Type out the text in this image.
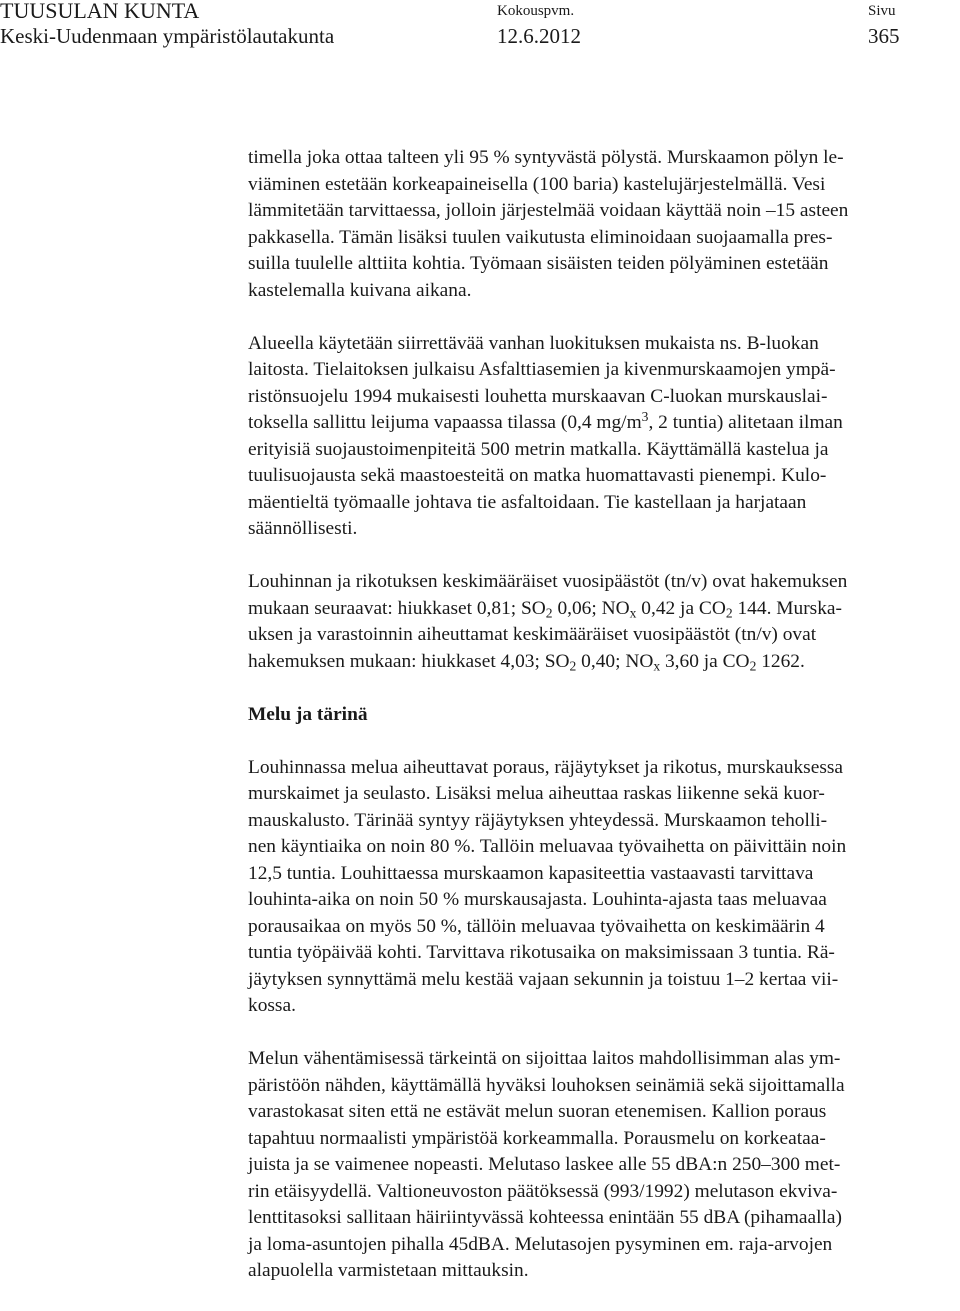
TUUSULAN KUNTA
Keski-Uudenmaan ympäristölautakunta
Kokouspvm.
12.6.2012
Sivu
365
timella joka ottaa talteen yli 95 % syntyvästä pölystä. Murskaamon pölyn le-
viäminen estetään korkeapaineisella (100 baria) kastelujärjestelmällä. Vesi
lämmitetään tarvittaessa, jolloin järjestelmää voidaan käyttää noin –15 asteen
pakkasella. Tämän lisäksi tuulen vaikutusta eliminoidaan suojaamalla pres-
suilla tuulelle alttiita kohtia. Työmaan sisäisten teiden pölyäminen estetään
kastelemalla kuivana aikana.
Alueella käytetään siirrettävää vanhan luokituksen mukaista ns. B-luokan
laitosta. Tielaitoksen julkaisu Asfalttiasemien ja kivenmurskaamojen ympä-
ristönsuojelu 1994 mukaisesti louhetta murskaavan C-luokan murskauslai-
toksella sallittu leijuma vapaassa tilassa (0,4 $mg/m^3$, 2 tuntia) alitetaan ilman
erityisiä suojaustoimenpiteitä 500 metrin matkalla. Käyttämällä kastelua ja
tuulisuojausta sekä maastoesteitä on matka huomattavasti pienempi. Kulo-
mäentieltä työmaalle johtava tie asfaltoidaan. Tie kastellaan ja harjataan
säännöllisesti.
Louhinnan ja rikotuksen keskimääräiset vuosipäästöt (tn/v) ovat hakemuksen
mukaan seuraavat: hiukkaset 0,81; $SO_2$ 0,06; $NO_x$ 0,42 ja $CO_2$ 144. Murska-
uksen ja varastoinnin aiheuttamat keskimääräiset vuosipäästöt (tn/v) ovat
hakemuksen mukaan: hiukkaset 4,03; $SO_2$ 0,40; $NO_x$ 3,60 ja $CO_2$ 1262.
Melu ja tärinä
Louhinnassa melua aiheuttavat poraus, räjäytykset ja rikotus, murskauksessa
murskaimet ja seulasto. Lisäksi melua aiheuttaa raskas liikenne sekä kuor-
mauskalusto. Tärinää syntyy räjäytyksen yhteydessä. Murskaamon teholli-
nen käyntiaika on noin 80 %. Tallöin meluavaa työvaihetta on päivittäin noin
12,5 tuntia. Louhittaessa murskaamon kapasiteettia vastaavasti tarvittava
louhinta-aika on noin 50 % murskausajasta. Louhinta-ajasta taas meluavaa
porausaikaa on myös 50 %, tällöin meluavaa työvaihetta on keskimäärin 4
tuntia työpäivää kohti. Tarvittava rikotusaika on maksimissaan 3 tuntia. Rä-
jäytyksen synnyttämä melu kestää vajaan sekunnin ja toistuu 1–2 kertaa vii-
kossa.
Melun vähentämisessä tärkeintä on sijoittaa laitos mahdollisimman alas ym-
päristöön nähden, käyttämällä hyväksi louhoksen seinämiä sekä sijoittamalla
varastokasat siten että ne estävät melun suoran etenemisen. Kallion poraus
tapahtuu normaalisti ympäristöä korkeammalla. Porausmelu on korkeataa-
juista ja se vaimenee nopeasti. Melutaso laskee alle 55 dBA:n 250–300 met-
rin etäisyydellä. Valtioneuvoston päätöksessä (993/1992) melutason ekviva-
lenttitasoksi sallitaan häiriintyvässä kohteessa enintään 55 dBA (pihamaalla)
ja loma-asuntojen pihalla 45dBA. Melutasojen pysyminen em. raja-arvojen
alapuolella varmistetaan mittauksin.
